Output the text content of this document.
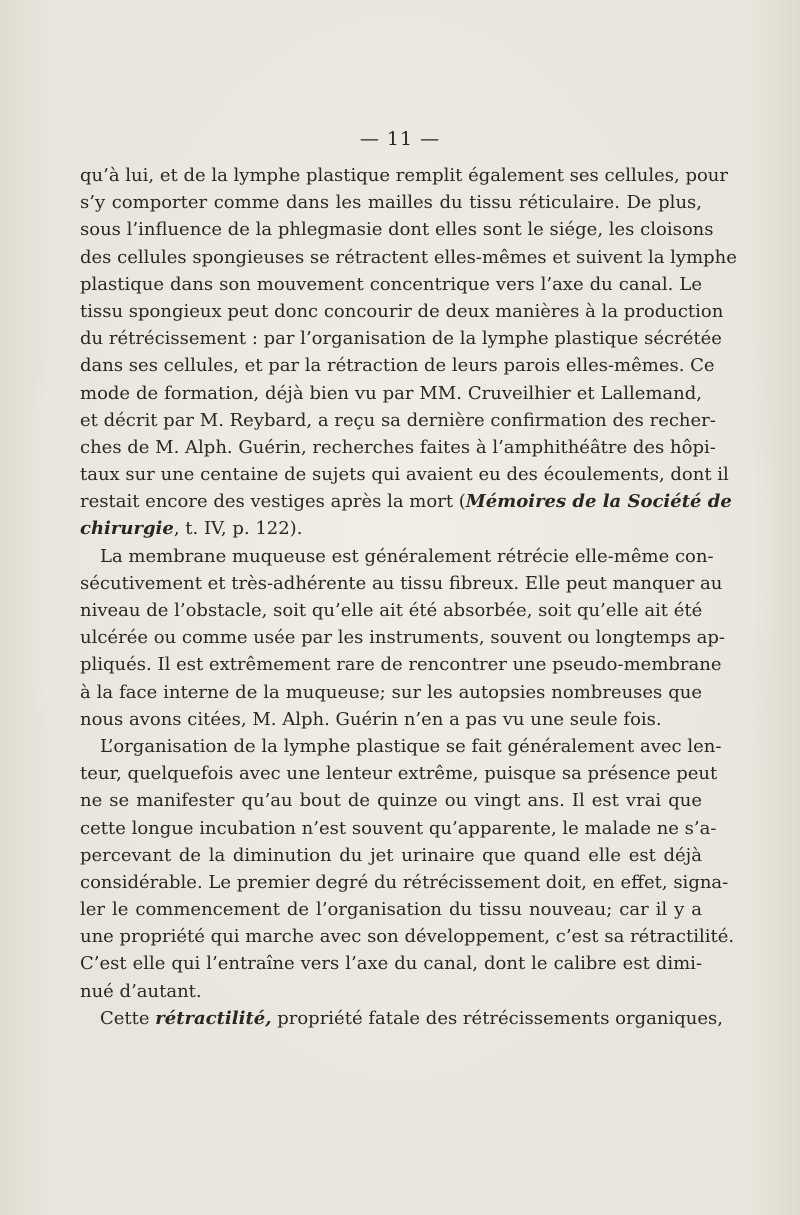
— 11 —
qu’à lui, et de la lymphe plastique remplit également ses cellules, pour
s’y comporter comme dans les mailles du tissu réticulaire. De plus,
sous l’influence de la phlegmasie dont elles sont le siége, les cloisons
des cellules spongieuses se rétractent elles-mêmes et suivent la lymphe
plastique dans son mouvement concentrique vers l’axe du canal. Le
tissu spongieux peut donc concourir de deux manières à la production
du rétrécissement : par l’organisation de la lymphe plastique sécrétée
dans ses cellules, et par la rétraction de leurs parois elles-mêmes. Ce
mode de formation, déjà bien vu par MM. Cruveilhier et Lallemand,
et décrit par M. Reybard, a reçu sa dernière confirmation des recher-
ches de M. Alph. Guérin, recherches faites à l’amphithéâtre des hôpi-
taux sur une centaine de sujets qui avaient eu des écoulements, dont il
restait encore des vestiges après la mort (Mémoires de la Société de
chirurgie, t. IV, p. 122).
La membrane muqueuse est généralement rétrécie elle-même con-
sécutivement et très-adhérente au tissu fibreux. Elle peut manquer au
niveau de l’obstacle, soit qu’elle ait été absorbée, soit qu’elle ait été
ulcérée ou comme usée par les instruments, souvent ou longtemps ap-
pliqués. Il est extrêmement rare de rencontrer une pseudo-membrane
à la face interne de la muqueuse; sur les autopsies nombreuses que
nous avons citées, M. Alph. Guérin n’en a pas vu une seule fois.
L’organisation de la lymphe plastique se fait généralement avec len-
teur, quelquefois avec une lenteur extrême, puisque sa présence peut
ne se manifester qu’au bout de quinze ou vingt ans. Il est vrai que
cette longue incubation n’est souvent qu’apparente, le malade ne s’a-
percevant de la diminution du jet urinaire que quand elle est déjà
considérable. Le premier degré du rétrécissement doit, en effet, signa-
ler le commencement de l’organisation du tissu nouveau; car il y a
une propriété qui marche avec son développement, c’est sa rétractilité.
C’est elle qui l’entraîne vers l’axe du canal, dont le calibre est dimi-
nué d’autant.
Cette rétractilité, propriété fatale des rétrécissements organiques,
